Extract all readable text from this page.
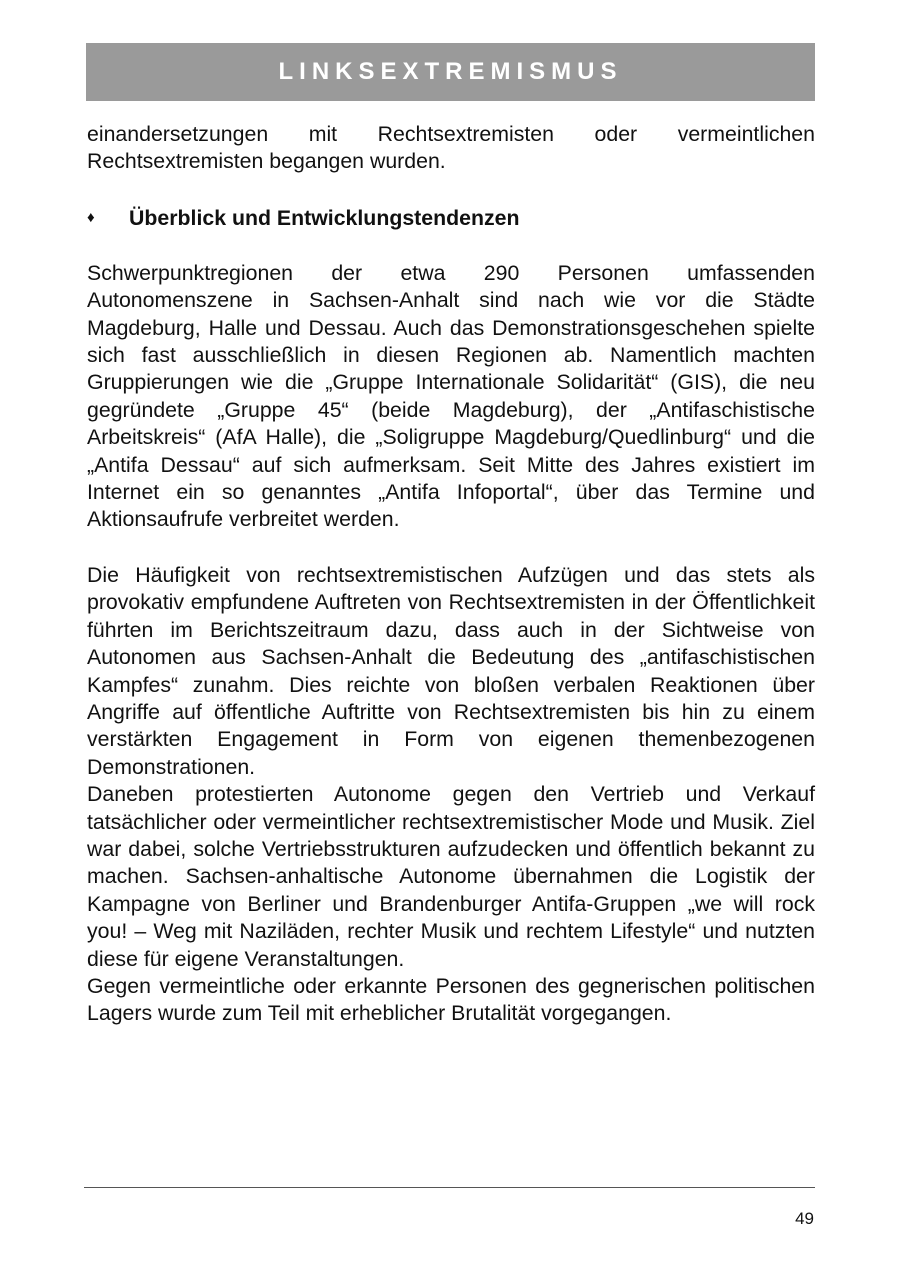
LINKSEXTREMISMUS

einandersetzungen mit Rechtsextremisten oder vermeintlichen Rechtsextremisten begangen wurden.

♦	Überblick und Entwicklungstendenzen

Schwerpunktregionen der etwa 290 Personen umfassenden Autonomenszene in Sachsen-Anhalt sind nach wie vor die Städte Magdeburg, Halle und Dessau. Auch das Demonstrationsgeschehen spielte sich fast ausschließlich in diesen Regionen ab. Namentlich machten Gruppierungen wie die „Gruppe Internationale Solidarität“ (GIS), die neu gegründete „Gruppe 45“ (beide Magdeburg), der „Antifaschistische Arbeitskreis“ (AfA Halle), die „Soligruppe Magdeburg/Quedlinburg“ und die „Antifa Dessau“ auf sich aufmerksam. Seit Mitte des Jahres existiert im Internet ein so genanntes „Antifa Infoportal“, über das Termine und Aktionsaufrufe verbreitet werden.

Die Häufigkeit von rechtsextremistischen Aufzügen und das stets als provokativ empfundene Auftreten von Rechtsextremisten in der Öffentlichkeit führten im Berichtszeitraum dazu, dass auch in der Sichtweise von Autonomen aus Sachsen-Anhalt die Bedeutung des „antifaschistischen Kampfes“ zunahm. Dies reichte von bloßen verbalen Reaktionen über Angriffe auf öffentliche Auftritte von Rechtsextremisten bis hin zu einem verstärkten Engagement in Form von eigenen themenbezogenen Demonstrationen.

Daneben protestierten Autonome gegen den Vertrieb und Verkauf tatsächlicher oder vermeintlicher rechtsextremistischer Mode und Musik. Ziel war dabei, solche Vertriebsstrukturen aufzudecken und öffentlich bekannt zu machen. Sachsen-anhaltische Autonome übernahmen die Logistik der Kampagne von Berliner und Brandenburger Antifa-Gruppen „we will rock you! – Weg mit Naziläden, rechter Musik und rechtem Lifestyle“ und nutzten diese für eigene Veranstaltungen.

Gegen vermeintliche oder erkannte Personen des gegnerischen politischen Lagers wurde zum Teil mit erheblicher Brutalität vorgegangen.

49
